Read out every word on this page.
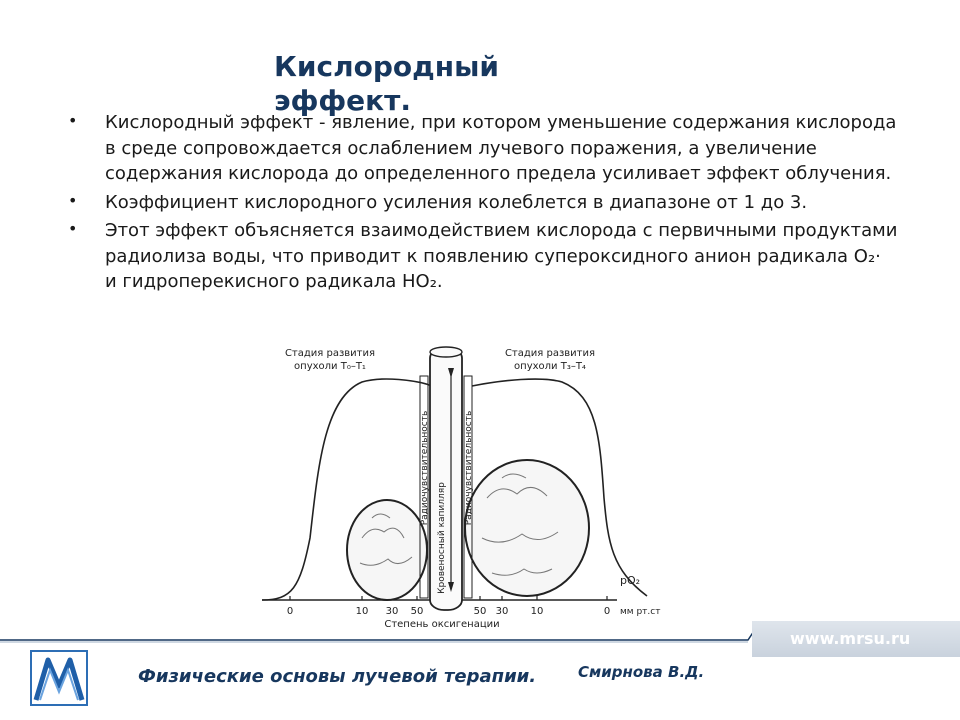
Кислородный эффект.
• Кислородный эффект - явление, при котором уменьшение содержания кислорода в среде сопровождается ослаблением лучевого поражения, а увеличение содержания кислорода до определенного предела усиливает эффект облучения.
• Коэффициент кислородного усиления колеблется в диапазоне от 1 до 3.
• Этот эффект объясняется взаимодействием кислорода с первичными продуктами радиолиза воды, что приводит к появлению супероксидного анион радикала O₂· и гидроперекисного радикала HO₂.
Радиочувствительность	Радиочувствительность
Кровеносный капилляр
Стадия развития
опухоли T₀–T₁
Стадия развития
опухоли T₃–T₄
pO₂
0	10 30 50	50 30 10	0 мм рт.ст
Степень оксигенации
www.mrsu.ru
Физические основы лучевой терапии.	Смирнова В.Д.
